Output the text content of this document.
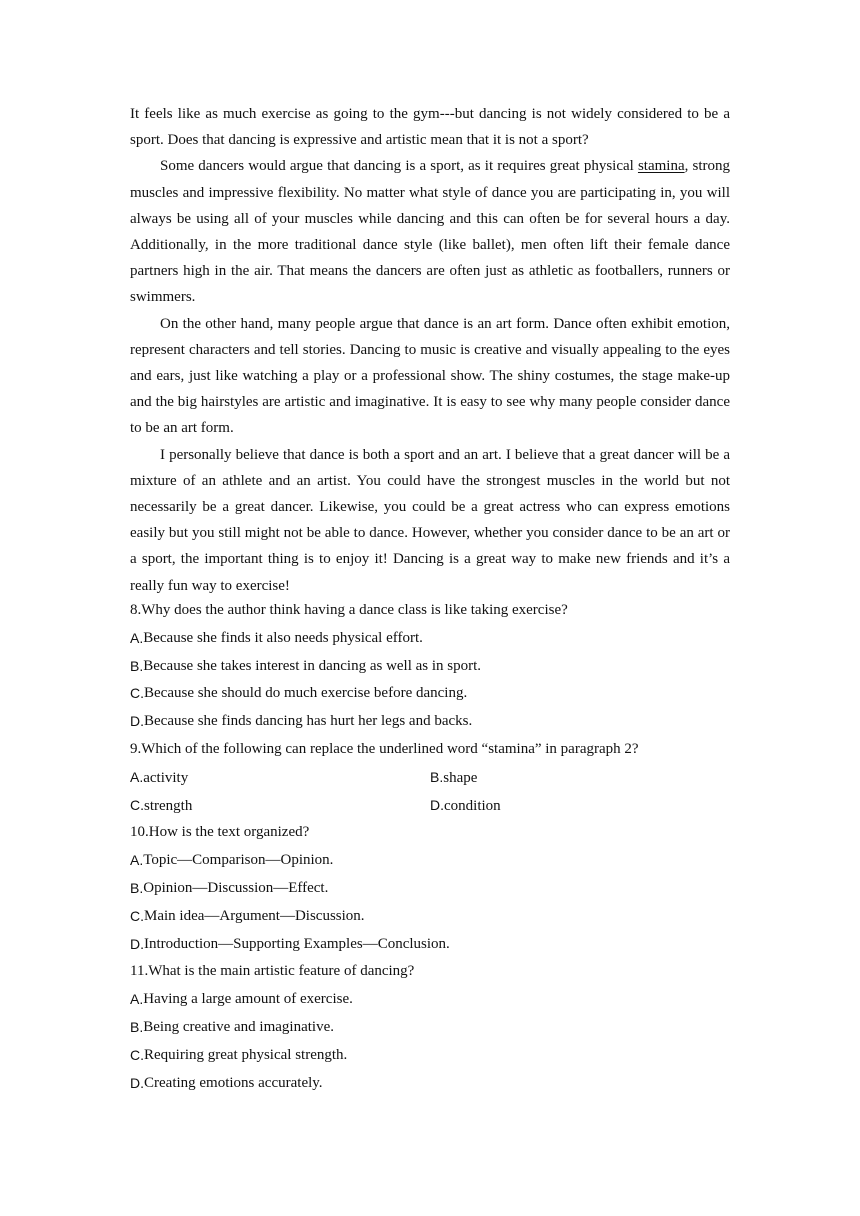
It feels like as much exercise as going to the gym---but dancing is not widely considered to be a sport. Does that dancing is expressive and artistic mean that it is not a sport?

Some dancers would argue that dancing is a sport, as it requires great physical stamina, strong muscles and impressive flexibility. No matter what style of dance you are participating in, you will always be using all of your muscles while dancing and this can often be for several hours a day. Additionally, in the more traditional dance style (like ballet), men often lift their female dance partners high in the air. That means the dancers are often just as athletic as footballers, runners or swimmers.

On the other hand, many people argue that dance is an art form. Dance often exhibit emotion, represent characters and tell stories. Dancing to music is creative and visually appealing to the eyes and ears, just like watching a play or a professional show. The shiny costumes, the stage make-up and the big hairstyles are artistic and imaginative. It is easy to see why many people consider dance to be an art form.

I personally believe that dance is both a sport and an art. I believe that a great dancer will be a mixture of an athlete and an artist. You could have the strongest muscles in the world but not necessarily be a great dancer. Likewise, you could be a great actress who can express emotions easily but you still might not be able to dance. However, whether you consider dance to be an art or a sport, the important thing is to enjoy it! Dancing is a great way to make new friends and it’s a really fun way to exercise!

8.Why does the author think having a dance class is like taking exercise?
A. Because she finds it also needs physical effort.
B. Because she takes interest in dancing as well as in sport.
C. Because she should do much exercise before dancing.
D. Because she finds dancing has hurt her legs and backs.
9.Which of the following can replace the underlined word “stamina” in paragraph 2?
A.activity	B.shape
C.strength	D.condition
10.How is the text organized?
A. Topic—Comparison—Opinion.
B. Opinion—Discussion—Effect.
C. Main idea—Argument—Discussion.
D. Introduction—Supporting Examples—Conclusion.
11.What is the main artistic feature of dancing?
A. Having a large amount of exercise.
B. Being creative and imaginative.
C. Requiring great physical strength.
D. Creating emotions accurately.
